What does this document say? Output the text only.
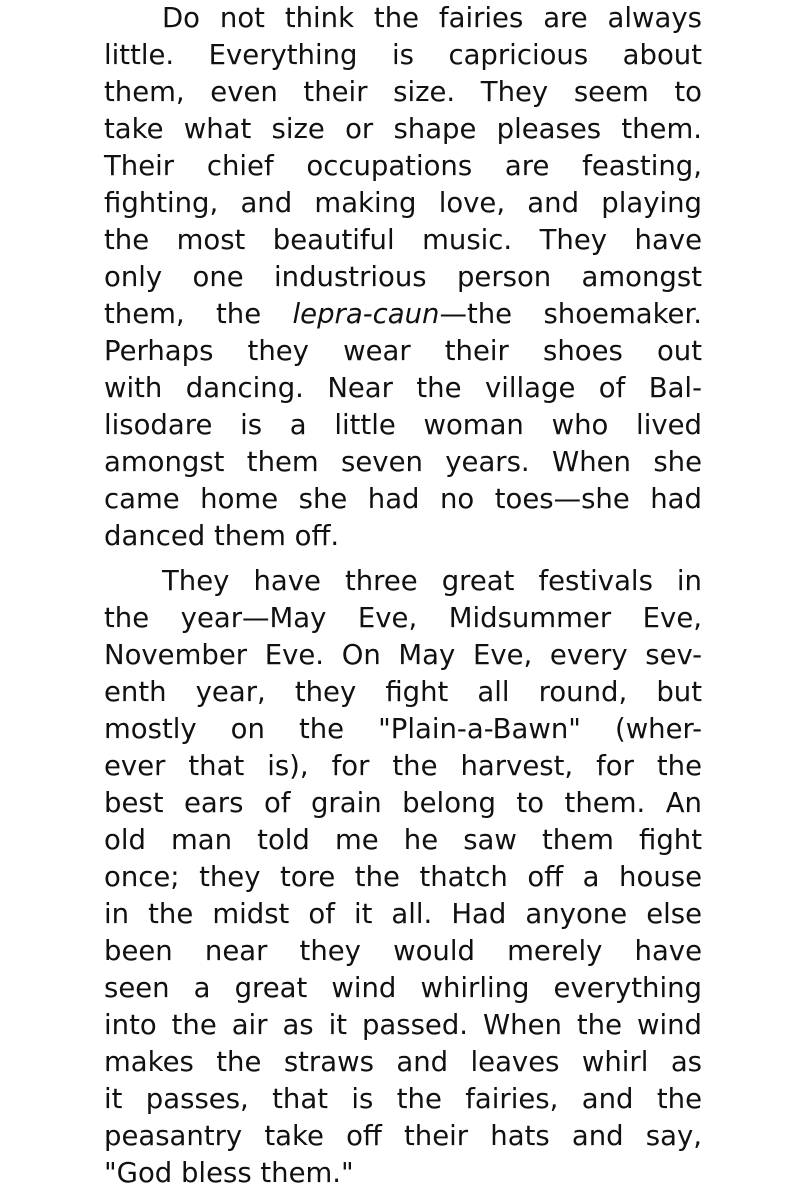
Do not think the fairies are always
little. Everything is capricious about
them, even their size. They seem to
take what size or shape pleases them.
Their chief occupations are feasting,
fighting, and making love, and playing
the most beautiful music. They have
only one industrious person amongst
them, the lepra-caun—the shoemaker.
Perhaps they wear their shoes out
with dancing. Near the village of Bal-
lisodare is a little woman who lived
amongst them seven years. When she
came home she had no toes—she had
danced them off.
They have three great festivals in
the year—May Eve, Midsummer Eve,
November Eve. On May Eve, every sev-
enth year, they fight all round, but
mostly on the "Plain-a-Bawn" (wher-
ever that is), for the harvest, for the
best ears of grain belong to them. An
old man told me he saw them fight
once; they tore the thatch off a house
in the midst of it all. Had anyone else
been near they would merely have
seen a great wind whirling everything
into the air as it passed. When the wind
makes the straws and leaves whirl as
it passes, that is the fairies, and the
peasantry take off their hats and say,
"God bless them."
